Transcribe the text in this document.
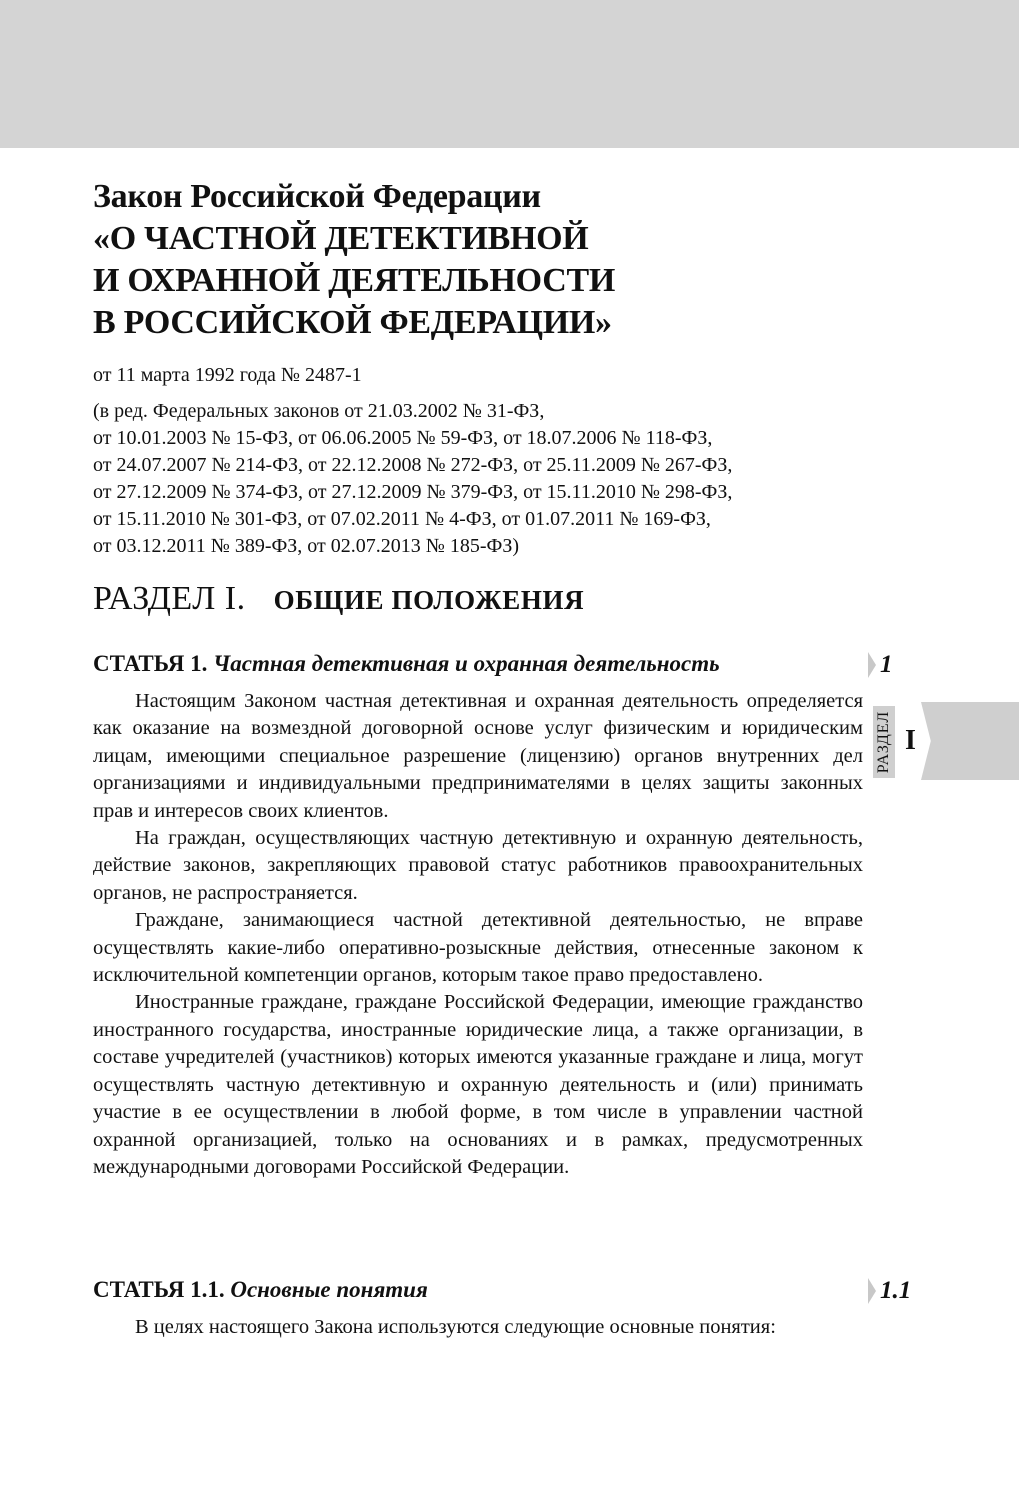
Закон Российской Федерации
«О ЧАСТНОЙ ДЕТЕКТИВНОЙ
И ОХРАННОЙ ДЕЯТЕЛЬНОСТИ
В РОССИЙСКОЙ ФЕДЕРАЦИИ»
от 11 марта 1992 года № 2487-1
(в ред. Федеральных законов от 21.03.2002 № 31-ФЗ,
от 10.01.2003 № 15-ФЗ, от 06.06.2005 № 59-ФЗ, от 18.07.2006 № 118-ФЗ,
от 24.07.2007 № 214-ФЗ, от 22.12.2008 № 272-ФЗ, от 25.11.2009 № 267-ФЗ,
от 27.12.2009 № 374-ФЗ, от 27.12.2009 № 379-ФЗ, от 15.11.2010 № 298-ФЗ,
от 15.11.2010 № 301-ФЗ, от 07.02.2011 № 4-ФЗ, от 01.07.2011 № 169-ФЗ,
от 03.12.2011 № 389-ФЗ, от 02.07.2013 № 185-ФЗ)
РАЗДЕЛ I. ОБЩИЕ ПОЛОЖЕНИЯ
СТАТЬЯ 1. Частная детективная и охранная деятельность	1

Настоящим Законом частная детективная и охранная деятельность определяется как оказание на возмездной договорной основе услуг физическим и юридическим лицам, имеющими специальное разрешение (лицензию) органов внутренних дел организациями и индивидуальными предпринимателями в целях защиты законных прав и интересов своих клиентов.

На граждан, осуществляющих частную детективную и охранную деятельность, действие законов, закрепляющих правовой статус работников правоохранительных органов, не распространяется.

Граждане, занимающиеся частной детективной деятельностью, не вправе осуществлять какие-либо оперативно-розыскные действия, отнесенные законом к исключительной компетенции органов, которым такое право предоставлено.

Иностранные граждане, граждане Российской Федерации, имеющие гражданство иностранного государства, иностранные юридические лица, а также организации, в составе учредителей (участников) которых имеются указанные граждане и лица, могут осуществлять частную детективную и охранную деятельность и (или) принимать участие в ее осуществлении в любой форме, в том числе в управлении частной охранной организацией, только на основаниях и в рамках, предусмотренных международными договорами Российской Федерации.

СТАТЬЯ 1.1. Основные понятия	1.1

В целях настоящего Закона используются следующие основные понятия:

РАЗДЕЛ I
